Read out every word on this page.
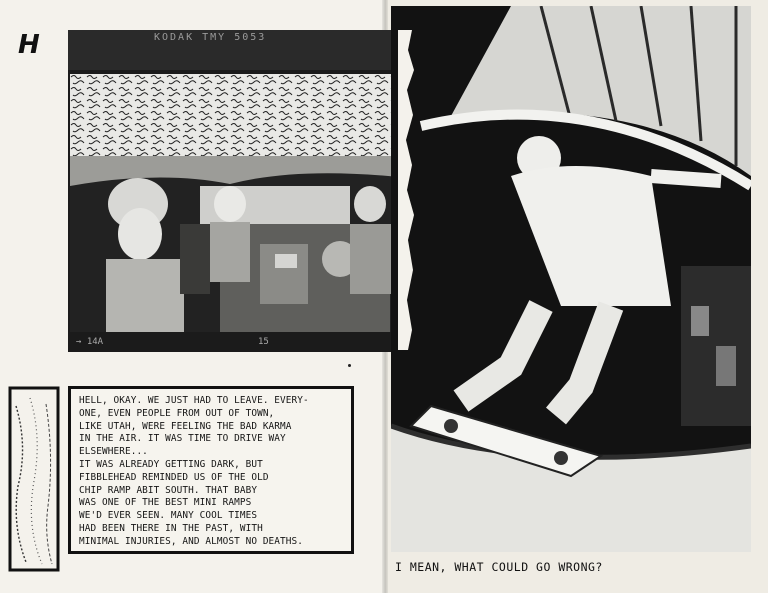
H	KODAK TMY 5053
→ 14A	15

HELL, OKAY. WE JUST HAD TO LEAVE. EVERY-
ONE, EVEN PEOPLE FROM OUT OF TOWN,
LIKE UTAH, WERE FEELING THE BAD KARMA
IN THE AIR. IT WAS TIME TO DRIVE WAY
ELSEWHERE...
IT WAS ALREADY GETTING DARK, BUT
FIBBLEHEAD REMINDED US OF THE OLD
CHIP RAMP ABIT SOUTH. THAT BABY
WAS ONE OF THE BEST MINI RAMPS
WE'D EVER SEEN. MANY COOL TIMES
HAD BEEN THERE IN THE PAST, WITH
MINIMAL INJURIES, AND ALMOST NO DEATHS.

I MEAN, WHAT COULD GO WRONG?
